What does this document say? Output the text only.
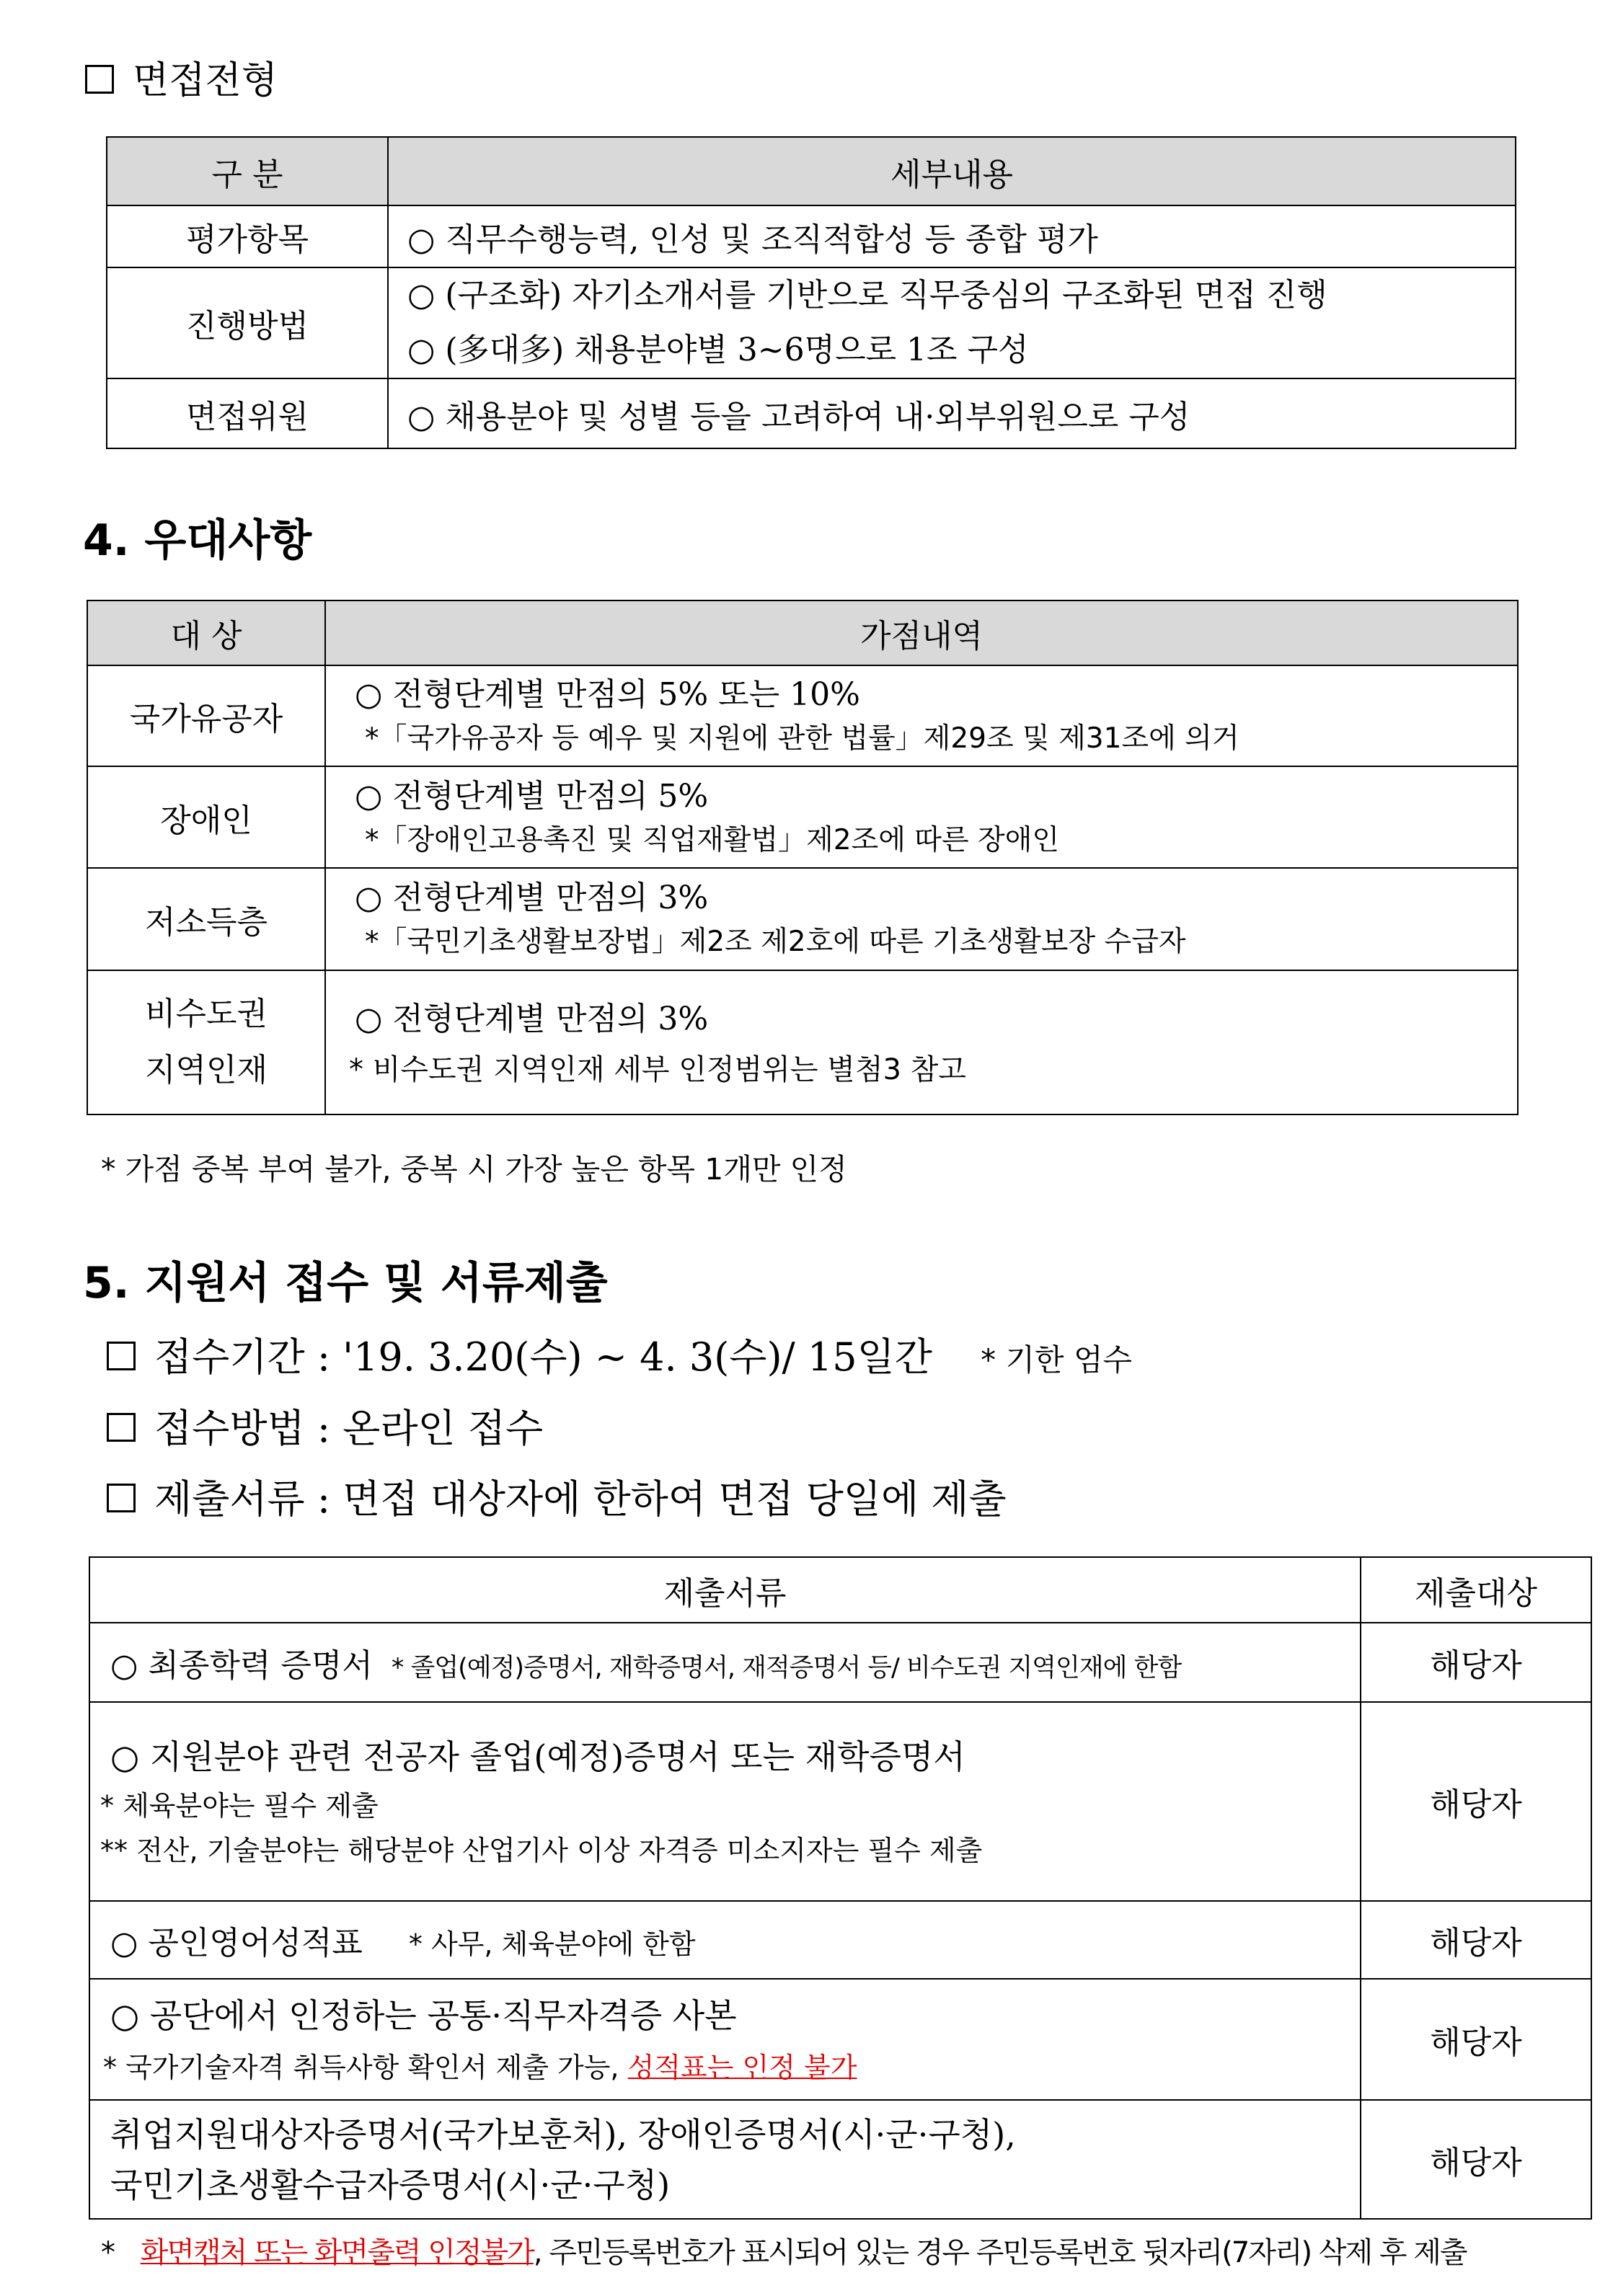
면접전형
구 분	세부내용
평가항목	○ 직무수행능력, 인성 및 조직적합성 등 종합 평가

진행방법	○ (구조화) 자기소개서를 기반으로 직무중심의 구조화된 면접 진행
○ (多대多) 채용분야별 3~6명으로 1조 구성

면접위원	○ 채용분야 및 성별 등을 고려하여 내·외부위원으로 구성
4. 우대사항
대 상	가점내역
국가유공자	○ 전형단계별 만점의 5% 또는 10%
*「국가유공자 등 예우 및 지원에 관한 법률」제29조 및 제31조에 의거

장애인	○ 전형단계별 만점의 5%
*「장애인고용촉진 및 직업재활법」제2조에 따른 장애인

저소득층	○ 전형단계별 만점의 3%
*「국민기초생활보장법」제2조 제2호에 따른 기초생활보장 수급자

비수도권
지역인재	○ 전형단계별 만점의 3%
* 비수도권 지역인재 세부 인정범위는 별첨3 참고
* 가점 중복 부여 불가, 중복 시 가장 높은 항목 1개만 인정
5. 지원서 접수 및 서류제출
접수기간 : '19. 3.20(수) ~ 4. 3(수)/ 15일간 * 기한 엄수
접수방법 : 온라인 접수
제출서류 : 면접 대상자에 한하여 면접 당일에 제출
제출서류	제출대상
○ 최종학력 증명서 * 졸업(예정)증명서, 재학증명서, 재적증명서 등/ 비수도권 지역인재에 한함	해당자

○ 지원분야 관련 전공자 졸업(예정)증명서 또는 재학증명서
* 체육분야는 필수 제출
** 전산, 기술분야는 해당분야 산업기사 이상 자격증 미소지자는 필수 제출	해당자
○ 공인영어성적표 * 사무, 체육분야에 한함	해당자

○ 공단에서 인정하는 공통·직무자격증 사본
* 국가기술자격 취득사항 확인서 제출 가능, 성적표는 인정 불가	해당자

취업지원대상자증명서(국가보훈처), 장애인증명서(시·군·구청),
국민기초생활수급자증명서(시·군·구청)	해당자
* 화면캡처 또는 화면출력 인정불가, 주민등록번호가 표시되어 있는 경우 주민등록번호 뒷자리(7자리) 삭제 후 제출
